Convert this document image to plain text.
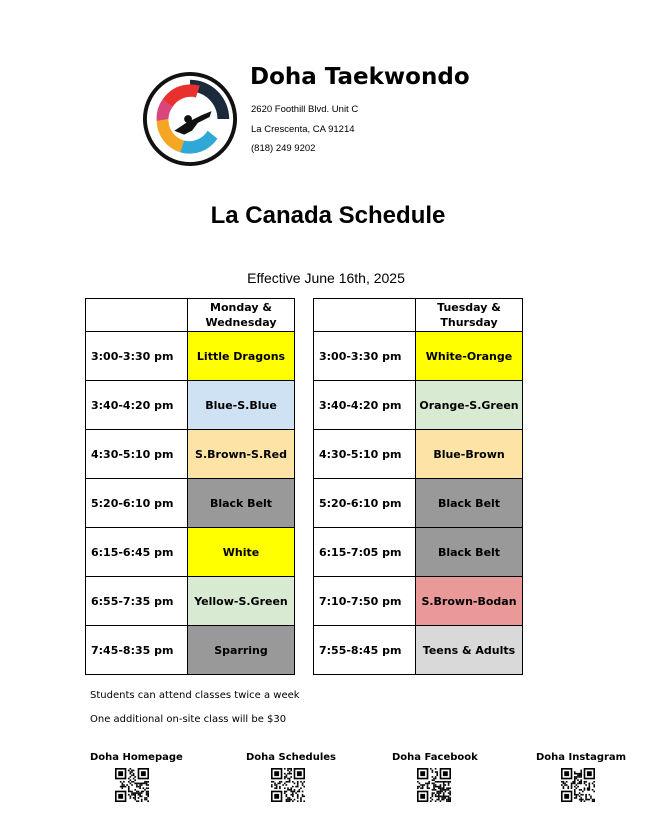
Doha Taekwondo
2620 Foothill Blvd. Unit C
La Crescenta, CA 91214
(818) 249 9202
La Canada Schedule
Effective June 16th, 2025

	Monday &
Wednesday

3:00-3:30 pm	Little Dragons
3:40-4:20 pm	Blue-S.Blue
4:30-5:10 pm	S.Brown-S.Red
5:20-6:10 pm	Black Belt
6:15-6:45 pm	White
6:55-7:35 pm	Yellow-S.Green
7:45-8:35 pm	Sparring

	Tuesday &
Thursday

3:00-3:30 pm	White-Orange
3:40-4:20 pm	Orange-S.Green
4:30-5:10 pm	Blue-Brown
5:20-6:10 pm	Black Belt
6:15-7:05 pm	Black Belt
7:10-7:50 pm	S.Brown-Bodan
7:55-8:45 pm	Teens & Adults
Students can attend classes twice a week
One additional on-site class will be $30
Doha Homepage	Doha Schedules	Doha Facebook	Doha Instagram
